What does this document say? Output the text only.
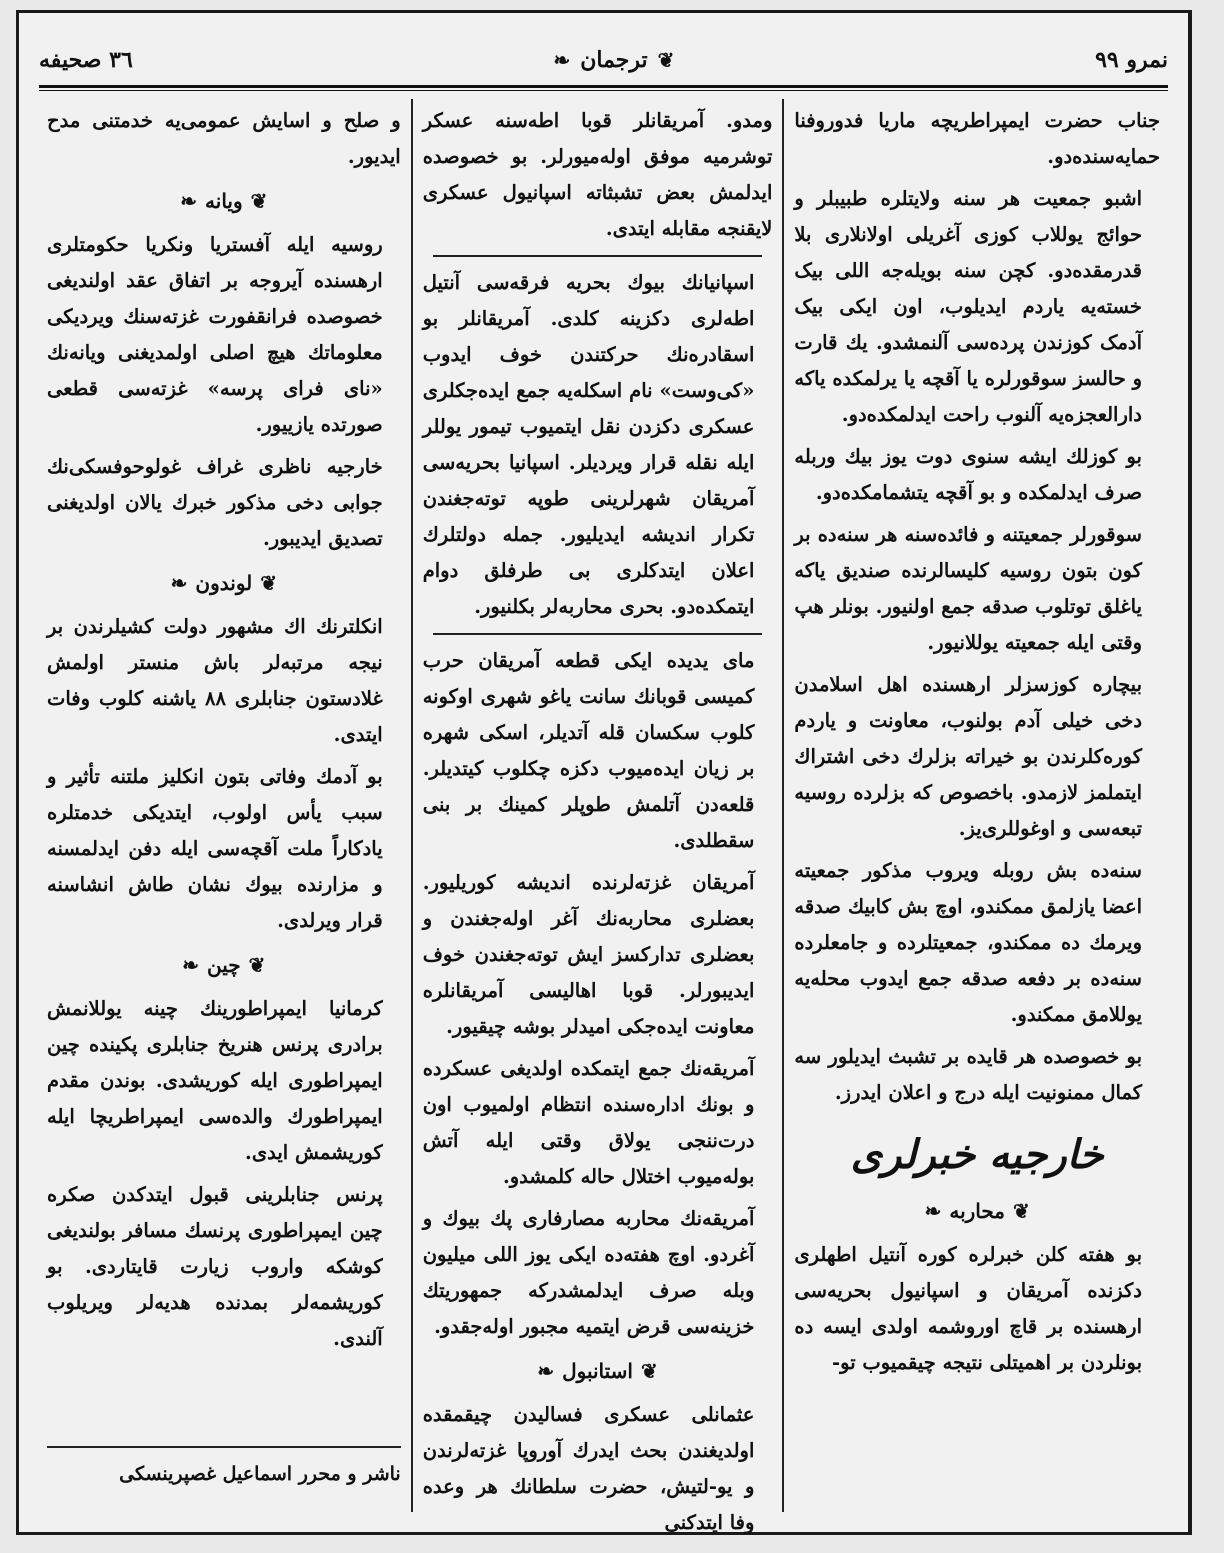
نمرو ٩٩
❦
ترجمان
❧
٣٦ صحیفه

جناب حضرت ایمپراطریچه ماریا فدوروفنا حمایه‌سنده‌دو.

اشبو جمعیت هر سنه ولایتلره طبیبلر و حوائج یوللاب کوزی آغریلی اولانلاری بلا قدرمقده‌دو. کچن سنه بویله‌جه اللی بیک خسته‌یه یاردم ایدیلوب، اون ایکی بیک آدمک کوزندن پرده‌سی آلنمشدو. یك قارت و حالسز سوقورلره یا آقچه یا یرلمکده یاکه دارالعجزه‌یه آلنوب راحت ایدلمکده‌دو.

بو کوزلك ایشه سنوی دوت یوز بیك وربله صرف ایدلمکده و بو آقچه یتشما‌مکده‌دو.

سوقورلر جمعیتنه و فائده‌سنه هر سنه‌ده بر کون بتون روسیه کلیسالرنده صندیق یاکه یاغلق توتلوب صدقه جمع اولنیور. بونلر هپ وقتی ایله جمعیته یوللانیور.

بیچاره کوزسزلر ارهسنده اهل اسلامدن دخی خیلی آدم بولنوب، معاونت و یاردم کوره‌کلرندن بو خیراته بزلرك دخی اشتراك ایتملمز لازمدو. باخصوص که بزلرده روسیه تبعه‌سی و اوغوللری‌یز.

سنه‌ده بش روبله ویروب مذکور جمعیته اعضا یازلمق ممکندو، اوچ بش کابیك صدقه ویرمك ده ممکندو، جمعیتلرده و جامعلرده سنه‌ده بر دفعه صدقه جمع ایدوب محله‌یه یوللامق ممکندو.

بو خصوصده هر قایده بر تشبث ایدیلور سه کمال ممنونیت ایله درج و اعلان ایدرز.

خارجیه خبرلری
❦
محاربه
❧

بو هفته کلن خبرلره کوره آنتیل اطهلری دکزنده آمریقان و اسپانیول بحریه‌سی ارهسنده بر قاچ اوروشمه اولدی ایسه ده بونلردن بر اهمیتلی نتیجه چیقمیوب تو-

ومدو. آمریقانلر قوبا اطه‌سنه عسکر توشرمیه موفق اوله‌میورلر. بو خصوصده ایدلمش بعض تشبثاته اسپانیول عسکری لایقنجه مقابله ایتدی.

اسپانیانك بیوك بحریه فرقه‌سی آنتیل اطه‌لری دکزینه کلدی. آمریقانلر بو اسقادره‌نك حرکتندن خوف ایدوب «کی‌وست» نام اسکله‌یه جمع ایده‌جکلری عسکری دکزدن نقل ایتمیوب تیمور یوللر ایله نقله قرار ویردیلر. اسپانیا بحریه‌سی آمریقان شهرلرینی طوپه توته‌جغندن تکرار اندیشه ایدیلیور. جمله دولتلرك اعلان ایتدکلری بی طرفلق دوام ایتمکده‌دو. بحری محاربه‌لر بکلنیور.

مای یدیده ایکی قطعه آمریقان حرب کمیسی قوبانك سانت یاغو شهری اوکونه کلوب سکسان قله آتدیلر، اسکی شهره بر زیان ایده‌میوب دکزه چکلوب کیتدیلر. قلعه‌دن آتلمش طوپلر کمینك بر بنی سقطلدی.

آمریقان غزته‌لرنده اندیشه کوریلیور. بعضلری محاربه‌نك آغر اوله‌جغندن و بعضلری تدارکسز ایش توته‌جغندن خوف ایدیبورلر. قوبا اهالیسی آمریقانلره معاونت ایده‌جکی امیدلر بوشه چیقیور.

آمریقه‌نك جمع ایتمکده اولدیغی عسکرده و بونك اداره‌سنده انتظام اولمیوب اون درت‌ننجی یولاق وقتی ایله آتش بوله‌میوب اختلال حاله کلمشدو.

آمریقه‌نك محاربه مصارفاری پك بیوك و آغردو. اوچ هفته‌ده ایکی یوز اللی میلیون وبله صرف ایدلمشدرکه جمهوریتك خزینه‌سی قرض ایتمیه مجبور اوله‌جقدو.

❦
استانبول
❧

عثمانلی عسکری فسالیدن چیقمقده اولدیغندن بحث ایدرك آوروپا غزته‌لرندن و یو-لتیش، حضرت سلطانك هر وعده وفا ایتدکنی

و صلح و اسایش عمومی‌یه خدمتنی مدح ایدیور.

❦
ویانه
❧

روسیه ایله آفستریا ونکریا حکومتلری ارهسنده آیروجه بر اتفاق عقد اولندیغی خصوصده فرانقفورت غزته‌سنك ویردیکی معلوماتك هیچ اصلی اولمدیغنی ویانه‌نك «نای فرای پرسه» غزته‌سی قطعی صورتده یازییور.

خارجیه ناظری غراف غولوحوفسکی‌نك جوابی دخی مذکور خبرك یالان اولدیغنی تصدیق ایدیبور.

❦
لوندون
❧

انکلترنك اك مشهور دولت کشیلرندن بر نیجه مرتبه‌لر باش منستر اولمش غلادستون جنابلری ٨٨ یاشنه کلوب وفات ایتدی.

بو آدمك وفاتی بتون انکلیز ملتنه تأثیر و سبب یأس اولوب، ایتدیکی خدمتلره یادکاراً ملت آقچه‌سی ایله دفن ایدلمسنه و مزارنده بیوك نشان طاش انشاسنه قرار ویرلدی.

❦
چین
❧

کرمانیا ایمپراطورینك چینه یوللانمش برادری پرنس هنریخ جنابلری پکینده چین ایمپراطوری ایله کوریشدی. بوندن مقدم ایمپراطورك والده‌سی ایمپراطریچا ایله کوریشمش ایدی.

پرنس جنابلرینی قبول ایتدکدن صکره چین ایمپراطوری پرنسك مسافر بولندیغی کوشکه واروب زیارت قایتاردی. بو کوریشمه‌لر بمدنده هدیه‌لر ویریلوب آلندی.

ناشر و محرر اسماعیل غصپرینسکی
